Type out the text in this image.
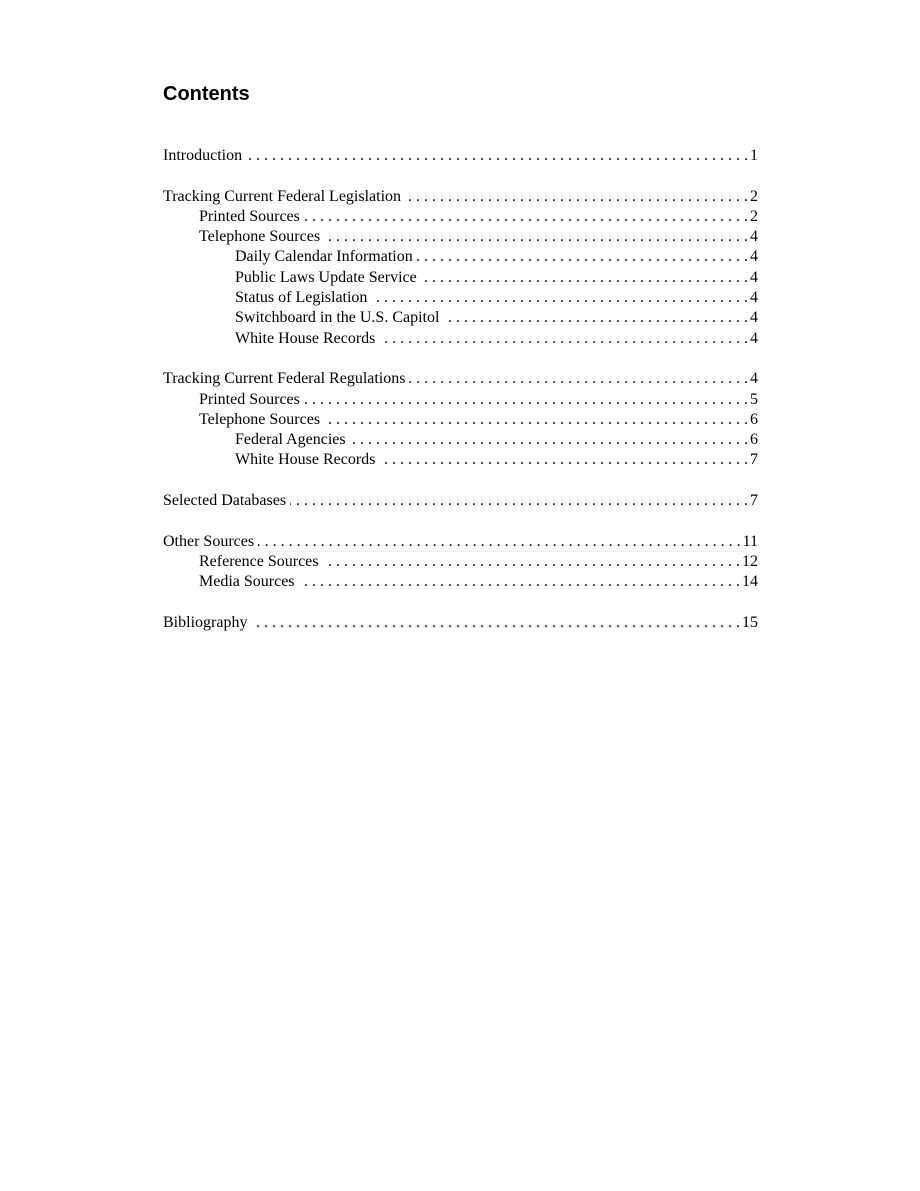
Contents
Introduction . . .	1
Tracking Current Federal Legislation . . .	2
Printed Sources . . .	2
Telephone Sources . . .	4
Daily Calendar Information . . .	4
Public Laws Update Service . . .	4
Status of Legislation . . .	4
Switchboard in the U.S. Capitol . . .	4
White House Records . . .	4
Tracking Current Federal Regulations . . .	4
Printed Sources . . .	5
Telephone Sources . . .	6
Federal Agencies . . .	6
White House Records . . .	7
Selected Databases . . .	7
Other Sources . . .	11
Reference Sources . . .	12
Media Sources . . .	14
Bibliography . . .	15
